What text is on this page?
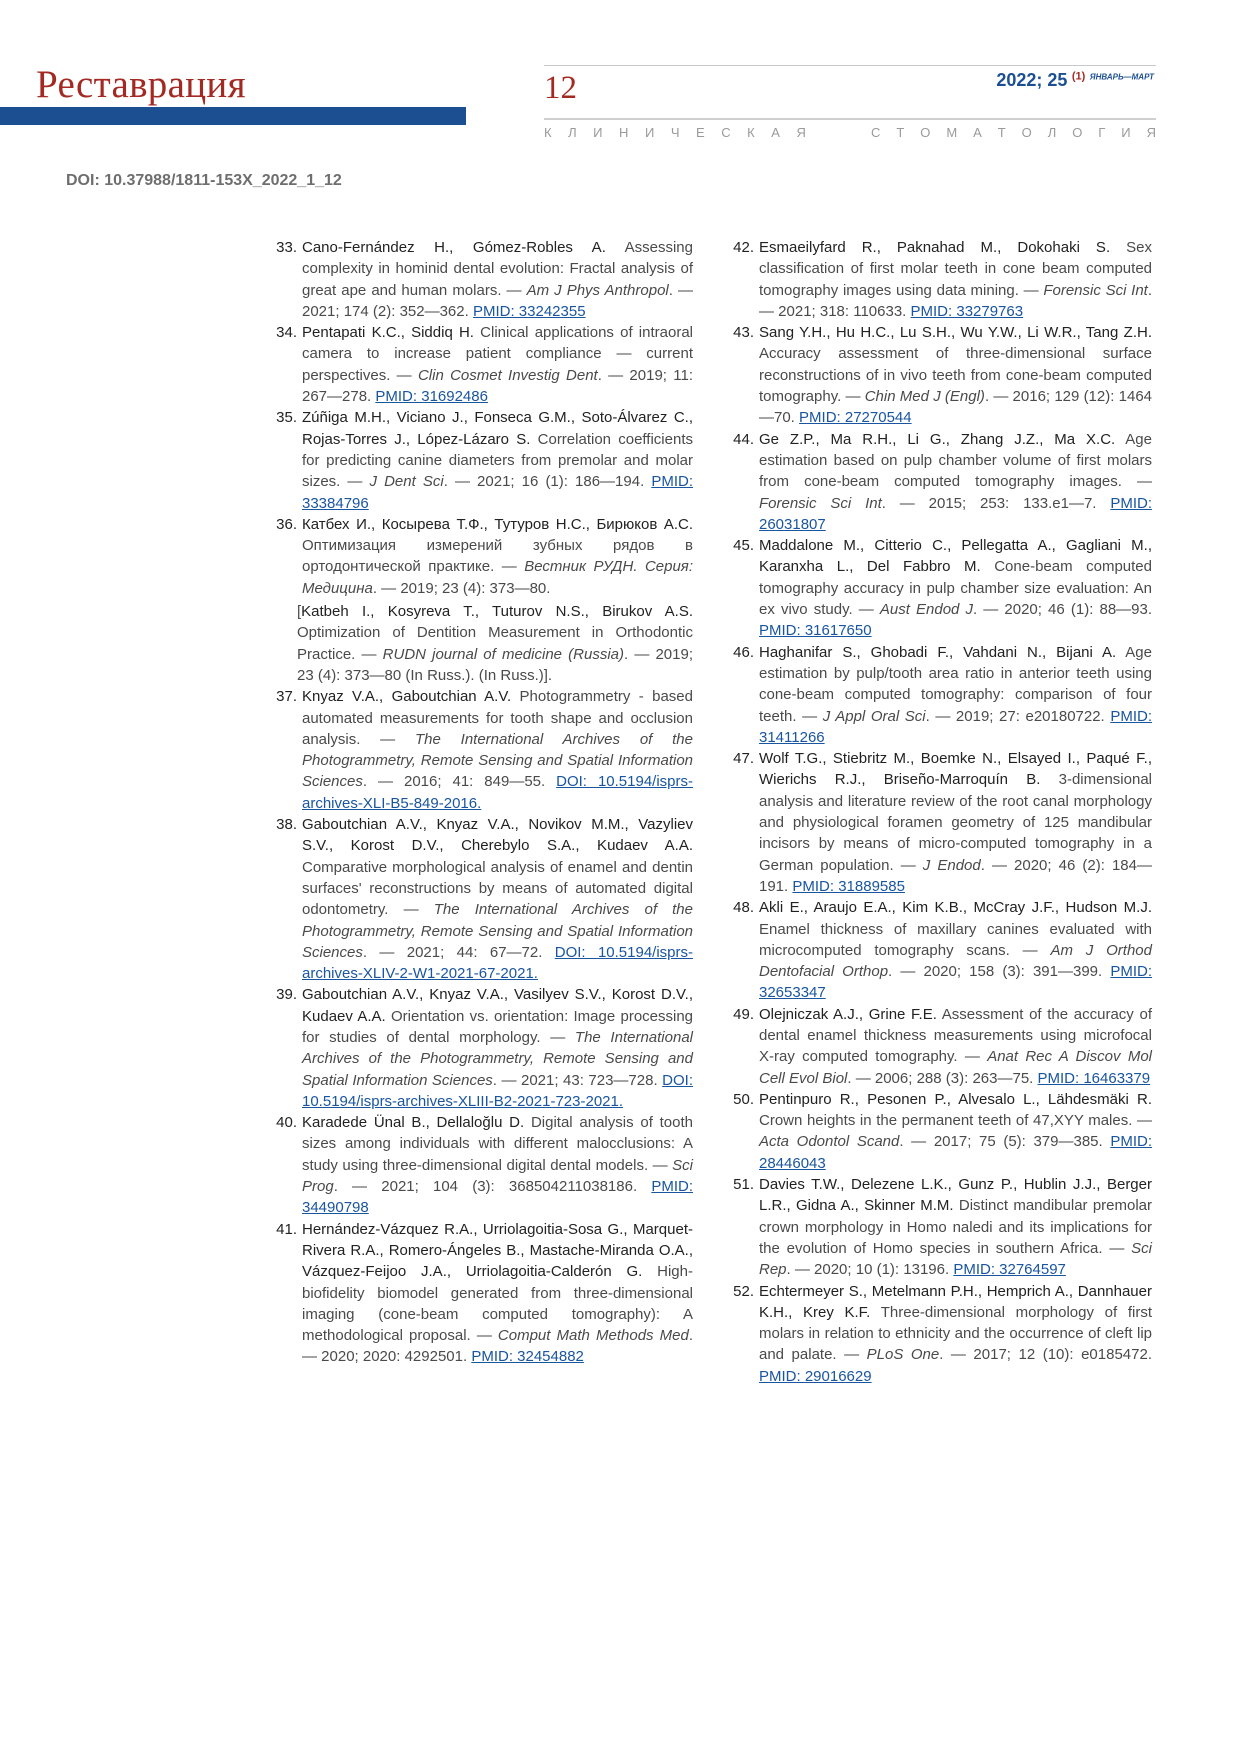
Реставрация	12	2022; 25 $^{(1)}$ $^{ЯНВАРЬ—МАРТ}$
К Л И Н И Ч Е С К А Я	С Т О М А Т О Л О Г И Я
DOI: 10.37988/1811-153X_2022_1_12
33. Cano-Fernández H., Gómez-Robles A. Assessing complexity in hominid dental evolution: Fractal analysis of great ape and human molars. — Am J Phys Anthropol. — 2021; 174 (2): 352—362. PMID: 33242355
34. Pentapati K.C., Siddiq H. Clinical applications of intraoral camera to increase patient compliance — current perspectives. — Clin Cosmet Investig Dent. — 2019; 11: 267—278. PMID: 31692486
35. Zúñiga M.H., Viciano J., Fonseca G.M., Soto-Álvarez C., Rojas-Torres J., López-Lázaro S. Correlation coefficients for predicting canine diameters from premolar and molar sizes. — J Dent Sci. — 2021; 16 (1): 186—194. PMID: 33384796
36. Катбех И., Косырева Т.Ф., Тутуров Н.С., Бирюков А.С. Оптимизация измерений зубных рядов в ортодонтической практике. — Вестник РУДН. Серия: Медицина. — 2019; 23 (4): 373—80.
[Katbeh I., Kosyreva T., Tuturov N.S., Birukov A.S. Optimization of Dentition Measurement in Orthodontic Practice. — RUDN journal of medicine (Russia). — 2019; 23 (4): 373—80 (In Russ.). (In Russ.)].
37. Knyaz V.A., Gaboutchian A.V. Photogrammetry - based automated measurements for tooth shape and occlusion analysis. — The International Archives of the Photogrammetry, Remote Sensing and Spatial Information Sciences. — 2016; 41: 849—55. DOI: 10.5194/isprs-archives-XLI-B5-849-2016.
38. Gaboutchian A.V., Knyaz V.A., Novikov M.M., Vazyliev S.V., Korost D.V., Cherebylo S.A., Kudaev A.A. Comparative morphological analysis of enamel and dentin surfaces' reconstructions by means of automated digital odontometry. — The International Archives of the Photogrammetry, Remote Sensing and Spatial Information Sciences. — 2021; 44: 67—72. DOI: 10.5194/isprs-archives-XLIV-2-W1-2021-67-2021.
39. Gaboutchian A.V., Knyaz V.A., Vasilyev S.V., Korost D.V., Kudaev A.A. Orientation vs. orientation: Image processing for studies of dental morphology. — The International Archives of the Photogrammetry, Remote Sensing and Spatial Information Sciences. — 2021; 43: 723—728. DOI: 10.5194/isprs-archives-XLIII-B2-2021-723-2021.
40. Karadede Ünal B., Dellaloğlu D. Digital analysis of tooth sizes among individuals with different malocclusions: A study using three-dimensional digital dental models. — Sci Prog. — 2021; 104 (3): 368504211038186. PMID: 34490798
41. Hernández-Vázquez R.A., Urriolagoitia-Sosa G., Marquet-Rivera R.A., Romero-Ángeles B., Mastache-Miranda O.A., Vázquez-Feijoo J.A., Urriolagoitia-Calderón G. High-biofidelity biomodel generated from three-dimensional imaging (cone-beam computed tomography): A methodological proposal. — Comput Math Methods Med. — 2020; 2020: 4292501. PMID: 32454882
42. Esmaeilyfard R., Paknahad M., Dokohaki S. Sex classification of first molar teeth in cone beam computed tomography images using data mining. — Forensic Sci Int. — 2021; 318: 110633. PMID: 33279763
43. Sang Y.H., Hu H.C., Lu S.H., Wu Y.W., Li W.R., Tang Z.H. Accuracy assessment of three-dimensional surface reconstructions of in vivo teeth from cone-beam computed tomography. — Chin Med J (Engl). — 2016; 129 (12): 1464—70. PMID: 27270544
44. Ge Z.P., Ma R.H., Li G., Zhang J.Z., Ma X.C. Age estimation based on pulp chamber volume of first molars from cone-beam computed tomography images. — Forensic Sci Int. — 2015; 253: 133.e1—7. PMID: 26031807
45. Maddalone M., Citterio C., Pellegatta A., Gagliani M., Karanxha L., Del Fabbro M. Cone-beam computed tomography accuracy in pulp chamber size evaluation: An ex vivo study. — Aust Endod J. — 2020; 46 (1): 88—93. PMID: 31617650
46. Haghanifar S., Ghobadi F., Vahdani N., Bijani A. Age estimation by pulp/tooth area ratio in anterior teeth using cone-beam computed tomography: comparison of four teeth. — J Appl Oral Sci. — 2019; 27: e20180722. PMID: 31411266
47. Wolf T.G., Stiebritz M., Boemke N., Elsayed I., Paqué F., Wierichs R.J., Briseño-Marroquín B. 3-dimensional analysis and literature review of the root canal morphology and physiological foramen geometry of 125 mandibular incisors by means of micro-computed tomography in a German population. — J Endod. — 2020; 46 (2): 184—191. PMID: 31889585
48. Akli E., Araujo E.A., Kim K.B., McCray J.F., Hudson M.J. Enamel thickness of maxillary canines evaluated with microcomputed tomography scans. — Am J Orthod Dentofacial Orthop. — 2020; 158 (3): 391—399. PMID: 32653347
49. Olejniczak A.J., Grine F.E. Assessment of the accuracy of dental enamel thickness measurements using microfocal X-ray computed tomography. — Anat Rec A Discov Mol Cell Evol Biol. — 2006; 288 (3): 263—75. PMID: 16463379
50. Pentinpuro R., Pesonen P., Alvesalo L., Lähdesmäki R. Crown heights in the permanent teeth of 47,XYY males. — Acta Odontol Scand. — 2017; 75 (5): 379—385. PMID: 28446043
51. Davies T.W., Delezene L.K., Gunz P., Hublin J.J., Berger L.R., Gidna A., Skinner M.M. Distinct mandibular premolar crown morphology in Homo naledi and its implications for the evolution of Homo species in southern Africa. — Sci Rep. — 2020; 10 (1): 13196. PMID: 32764597
52. Echtermeyer S., Metelmann P.H., Hemprich A., Dannhauer K.H., Krey K.F. Three-dimensional morphology of first molars in relation to ethnicity and the occurrence of cleft lip and palate. — PLoS One. — 2017; 12 (10): e0185472. PMID: 29016629
